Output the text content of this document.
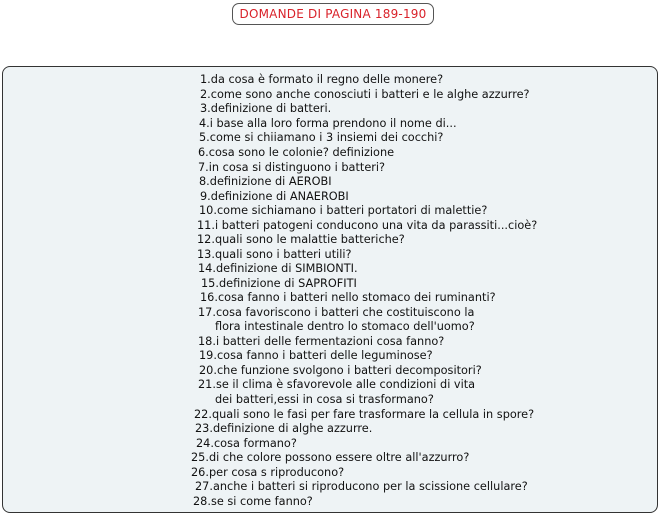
DOMANDE DI PAGINA 189-190
1.da cosa è formato il regno delle monere?
2.come sono anche conosciuti i batteri e le alghe azzurre?
3.definizione di batteri.
4.i base alla loro forma prendono il nome di...
5.come si chiiamano i 3 insiemi dei cocchi?
6.cosa sono le colonie? definizione
7.in cosa si distinguono i batteri?
8.definizione di AEROBI
9.definizione di ANAEROBI
10.come sichiamano i batteri portatori di malettie?
11.i batteri patogeni conducono una vita da parassiti...cioè?
12.quali sono le malattie batteriche?
13.quali sono i batteri utili?
14.definizione di SIMBIONTI.
15.definizione di SAPROFITI
16.cosa fanno i batteri nello stomaco dei ruminanti?
17.cosa favoriscono i batteri che costituiscono la
flora intestinale dentro lo stomaco dell'uomo?
18.i batteri delle fermentazioni cosa fanno?
19.cosa fanno i batteri delle leguminose?
20.che funzione svolgono i batteri decompositori?
21.se il clima è sfavorevole alle condizioni di vita
dei batteri,essi in cosa si trasformano?
22.quali sono le fasi per fare trasformare la cellula in spore?
23.definizione di alghe azzurre.
24.cosa formano?
25.di che colore possono essere oltre all'azzurro?
26.per cosa s riproducono?
27.anche i batteri si riproducono per la scissione cellulare?
28.se si come fanno?
